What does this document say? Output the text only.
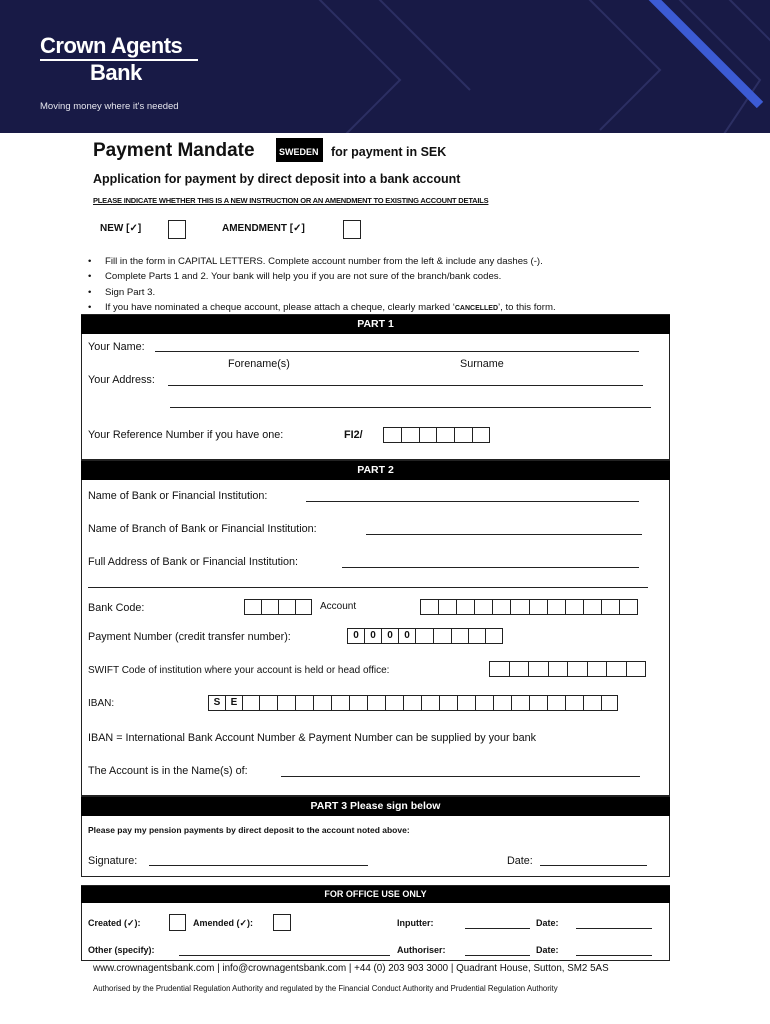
Crown Agents
Bank
Moving money where it's needed
Payment Mandate	SWEDEN for payment in SEK
Application for payment by direct deposit into a bank account
PLEASE INDICATE WHETHER THIS IS A NEW INSTRUCTION OR AN AMENDMENT TO EXISTING ACCOUNT DETAILS
NEW [✓]	AMENDMENT [✓]
• Fill in the form in CAPITAL LETTERS. Complete account number from the left & include any dashes (-).
• Complete Parts 1 and 2. Your bank will help you if you are not sure of the branch/bank codes.
• Sign Part 3.
• If you have nominated a cheque account, please attach a cheque, clearly marked ‘CANCELLED’, to this form.
PART 1
Your Name:
Forename(s)	Surname
Your Address:
Your Reference Number if you have one:	FI2/
PART 2
Name of Bank or Financial Institution:
Name of Branch of Bank or Financial Institution:
Full Address of Bank or Financial Institution:
Bank Code:	Account
Payment Number (credit transfer number):	0	0	0	0
SWIFT Code of institution where your account is held or head office:
IBAN:	S	E
IBAN = International Bank Account Number & Payment Number can be supplied by your bank
The Account is in the Name(s) of:
PART 3 Please sign below
Please pay my pension payments by direct deposit to the account noted above:
Signature:	Date:
FOR OFFICE USE ONLY
Created (✓):	Amended (✓):	Inputter:	Date:
Other (specify):	Authoriser:	Date:
www.crownagentsbank.com | info@crownagentsbank.com | +44 (0) 203 903 3000 | Quadrant House, Sutton, SM2 5AS
Authorised by the Prudential Regulation Authority and regulated by the Financial Conduct Authority and Prudential Regulation Authority
